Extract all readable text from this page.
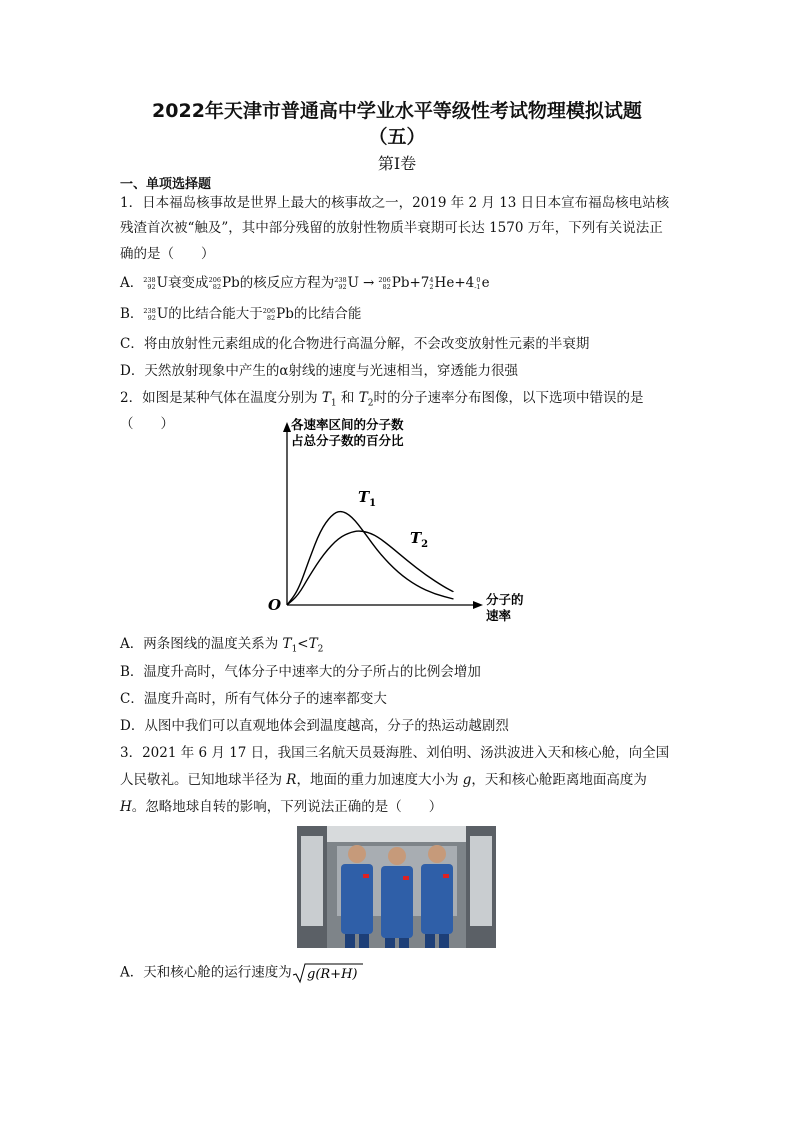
2022年天津市普通高中学业水平等级性考试物理模拟试题
（五）
第Ⅰ卷
一、单项选择题
1．日本福岛核事故是世界上最大的核事故之一，2019 年 2 月 13 日日本宣布福岛核电站核
残渣首次被“触及”，其中部分残留的放射性物质半衰期可长达 1570 万年，下列有关说法正
确的是（　　）
A． 238
92 U衰变成 206
82 Pb的核反应方程为 238
92 U → 206
82 Pb+7 4
2 He+4 0
-1 e
B． 238
92 U的比结合能大于 206
82 Pb的比结合能
C．将由放射性元素组成的化合物进行高温分解，不会改变放射性元素的半衰期
D．天然放射现象中产生的α射线的速度与光速相当，穿透能力很强
2．如图是某种气体在温度分别为 $T_1$ 和 $T_2$时的分子速率分布图像，以下选项中错误的是
（　　）	各速率区间的分子数
占总分子数的百分比
分子的
速率
O
$T_1$
$T_2$
A．两条图线的温度关系为 $T_1<T_2$
B．温度升高时，气体分子中速率大的分子所占的比例会增加
C．温度升高时，所有气体分子的速率都变大
D．从图中我们可以直观地体会到温度越高，分子的热运动越剧烈
3．2021 年 6 月 17 日，我国三名航天员聂海胜、刘伯明、汤洪波进入天和核心舱，向全国
人民敬礼。已知地球半径为 R，地面的重力加速度大小为 g，天和核心舱距离地面高度为
H。忽略地球自转的影响，下列说法正确的是（　　）
A．天和核心舱的运行速度为 g(R+H)
